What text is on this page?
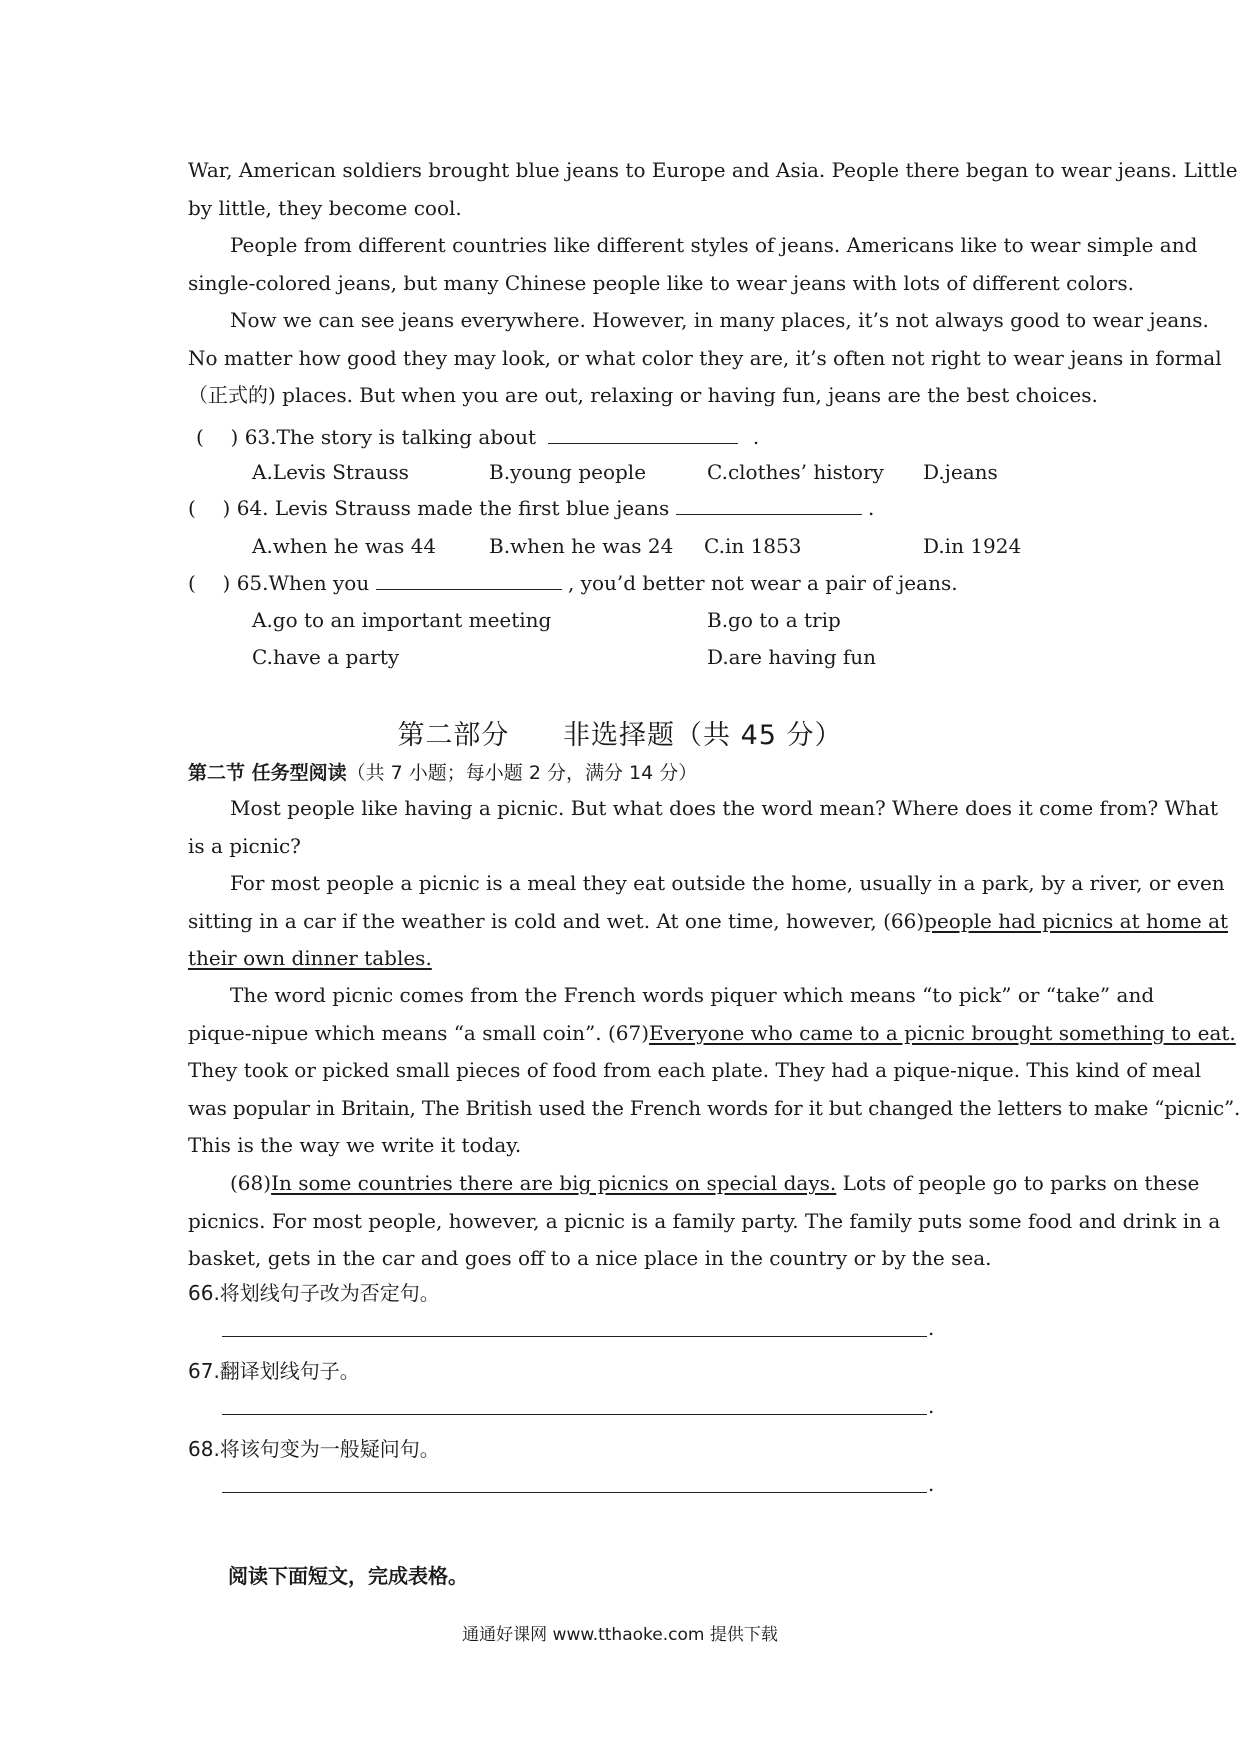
War, American soldiers brought blue jeans to Europe and Asia. People there began to wear jeans. Little
by little, they become cool.
People from different countries like different styles of jeans. Americans like to wear simple and
single-colored jeans, but many Chinese people like to wear jeans with lots of different colors.
Now we can see jeans everywhere. However, in many places, it’s not always good to wear jeans.
No matter how good they may look, or what color they are, it’s often not right to wear jeans in formal
（正式的) places. But when you are out, relaxing or having fun, jeans are the best choices.
( ) 63.The story is talking about	.
A.Levis Strauss	B.young people	C.clothes’ history D.jeans
( ) 64. Levis Strauss made the first blue jeans	.
A.when he was 44	B.when he was 24 C.in 1853	D.in 1924
( ) 65.When you	, you’d better not wear a pair of jeans.
A.go to an important meeting	B.go to a trip
C.have a party	D.are having fun
第二部分 非选择题（共 45 分）
第二节 任务型阅读（共 7 小题；每小题 2 分，满分 14 分）
Most people like having a picnic. But what does the word mean? Where does it come from? What
is a picnic?
For most people a picnic is a meal they eat outside the home, usually in a park, by a river, or even
sitting in a car if the weather is cold and wet. At one time, however, (66)people had picnics at home at
their own dinner tables.
The word picnic comes from the French words piquer which means “to pick” or “take” and
pique-nipue which means “a small coin”. (67)Everyone who came to a picnic brought something to eat.
They took or picked small pieces of food from each plate. They had a pique-nique. This kind of meal
was popular in Britain, The British used the French words for it but changed the letters to make “picnic”.
This is the way we write it today.
(68)In some countries there are big picnics on special days. Lots of people go to parks on these
picnics. For most people, however, a picnic is a family party. The family puts some food and drink in a
basket, gets in the car and goes off to a nice place in the country or by the sea.
66.将划线句子改为否定句。
.
67.翻译划线句子。
.
68.将该句变为一般疑问句。
.
阅读下面短文，完成表格。
通通好课网 www.tthaoke.com 提供下载
